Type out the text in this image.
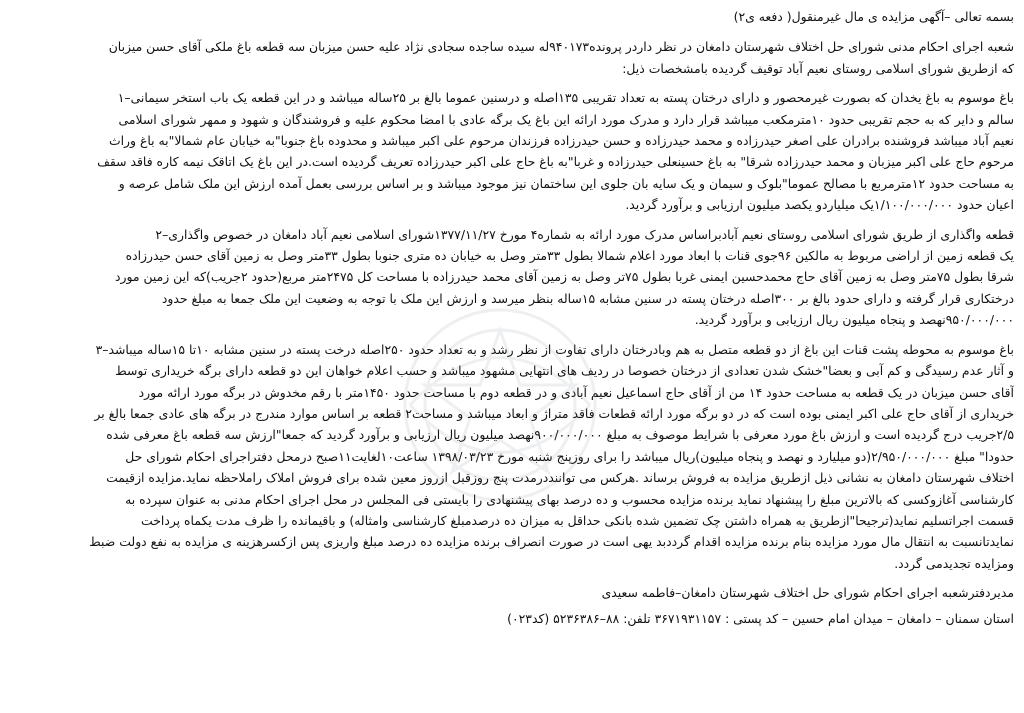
بسمه تعالی –آگهی مزایده ی مال غیرمنقول( دفعه ی۲)
شعبه اجرای احکام مدنی شورای حل اختلاف شهرستان دامغان در نظر داردر پرونده۹۴۰۱۷۳له سیده ساجده سجادی نژاد علیه حسن میزبان سه قطعه باغ ملکی آقای حسن میزبان
که ازطریق شورای اسلامی روستای نعیم آباد توقیف گردیده بامشخصات ذیل:
باغ موسوم به باغ یخدان که بصورت غیرمحصور و دارای درختان پسته به تعداد تقریبی ۱۳۵اصله و درسنین عموما بالغ بر ۲۵ساله میباشد و در این قطعه یک باب استخر سیمانی–۱
سالم و دایر که به حجم تقریبی حدود ۱۰مترمکعب میباشد قرار دارد و مدرک مورد ارائه این باغ یک برگه عادی با امضا محکوم علیه و فروشندگان و شهود و ممهر شورای اسلامی
نعیم آباد میباشد فروشنده برادران علی اصغر حیدرزاده و محمد حیدرزاده و حسن حیدرزاده فرزندان مرحوم علی اکبر میباشد و محدوده باغ جنوبا"به خیابان عام شمالا"به باغ وراث
مرحوم حاج علی اکبر میزبان و محمد حیدرزاده شرقا" به باغ حسینعلی حیدرزاده و غربا"به باغ حاج علی اکبر حیدرزاده تعریف گردیده است.در این باغ یک اتاقک نیمه کاره فاقد سقف
به مساحت حدود ۱۲مترمربع با مصالح عموما"بلوک و سیمان و یک سایه بان جلوی این ساختمان نیز موجود میباشد و بر اساس بررسی بعمل آمده ارزش این ملک شامل عرصه و
اعیان حدود ۱/۱۰۰/۰۰۰/۰۰۰یک میلیاردو یکصد میلیون ارزیابی و برآورد گردید.
قطعه واگذاری از طریق شورای اسلامی روستای نعیم آبادبراساس مدرک مورد ارائه به شماره۴ مورخ ۱۳۷۷/۱۱/۲۷شورای اسلامی نعیم آباد دامغان در خصوص واگذاری–۲
یک قطعه زمین از اراضی مربوط به مالکین ۹۶جوی قنات با ابعاد مورد اعلام شمالا بطول ۳۳متر وصل به خیابان ده متری جنوبا بطول ۳۳متر وصل به زمین آقای حسن حیدرزاده
شرقا بطول ۷۵متر وصل به زمین آقای حاج محمدحسین ایمنی غربا بطول ۷۵تر وصل به زمین آقای محمد حیدرزاده با مساحت کل ۲۴۷۵متر مربع(حدود ۲جریب)که این زمین مورد
درختکاری قرار گرفته و دارای حدود بالغ بر ۳۰۰اصله درختان پسته در سنین مشابه ۱۵ساله بنظر میرسد و ارزش این ملک با توجه به وضعیت این ملک جمعا به مبلغ حدود
۹۵۰/۰۰۰/۰۰۰نهصد و پنجاه میلیون ریال ارزیابی و برآورد گردید.
باغ موسوم به محوطه پشت قنات این باغ از دو قطعه متصل به هم وبادرختان دارای تفاوت از نظر رشد و به تعداد حدود ۲۵۰اصله درخت پسته در سنین مشابه ۱۰تا ۱۵ساله میباشد–۳
و آثار عدم رسیدگی و کم آبی و بعضا"خشک شدن تعدادی از درختان خصوصا در ردیف های انتهایی مشهود میباشد و حسب اعلام خواهان این دو قطعه دارای برگه خریداری توسط
آقای حسن میزبان در یک قطعه به مساحت حدود ۱۴ من از آقای حاج اسماعیل نعیم آبادی و در قطعه دوم با مساحت حدود ۱۴۵۰متر با رقم مخدوش در برگه مورد ارائه مورد
خریداری از آقای حاج علی اکبر ایمنی بوده است که در دو برگه مورد ارائه قطعات فاقد متراژ و ابعاد میباشد و مساحت۲ قطعه بر اساس موارد مندرج در برگه های عادی جمعا بالغ بر
۲/۵جریب درج گردیده است و ارزش باغ مورد معرفی با شرایط موصوف به مبلغ ۹۰۰/۰۰۰/۰۰۰نهصد میلیون ریال ارزیابی و برآورد گردید که جمعا"ارزش سه قطعه باغ معرفی شده
حدودا" مبلغ ۲/۹۵۰/۰۰۰/۰۰۰(دو میلیارد و نهصد و پنجاه میلیون)ریال میباشد را برای روزپنج شنبه مورخ ۱۳۹۸/۰۳/۲۳ ساعت۱۰لغایت۱۱صبح درمحل دفتراجرای احکام شورای حل
اختلاف شهرستان دامغان به نشانی ذیل ازطریق مزایده به فروش برساند .هرکس می تواننددرمدت پنج روزقبل ازروز معین شده برای فروش املاک راملاحظه نماید.مزایده ازقیمت
کارشناسی آغازوکسی که بالاترین مبلغ را پیشنهاد نماید برنده مزایده محسوب و ده درصد بهای پیشنهادی را بایستی فی المجلس در محل اجرای احکام مدنی به عنوان سپرده به
قسمت اجراتسلیم نماید(ترجیحا"ازطریق به همراه داشتن چک تضمین شده بانکی حداقل به میزان ده درصدمبلغ کارشناسی وامثاله) و باقیمانده را ظرف مدت یکماه پرداخت
نمایدتانسبت به انتقال مال مورد مزایده بنام برنده مزایده اقدام گرددبد یهی است در صورت انصراف برنده مزایده ده درصد مبلغ واریزی پس ازکسرهزینه ی مزایده به نفع دولت ضبط
ومزایده تجدیدمی گردد.
مدیردفترشعبه اجرای احکام شورای حل اختلاف شهرستان دامغان–فاطمه سعیدی
استان سمنان – دامغان – میدان امام حسین – کد پستی : ۳۶۷۱۹۳۱۱۵۷ تلفن: ۸۸–۵۲۳۶۳۸۶ (کد۰۲۳)
